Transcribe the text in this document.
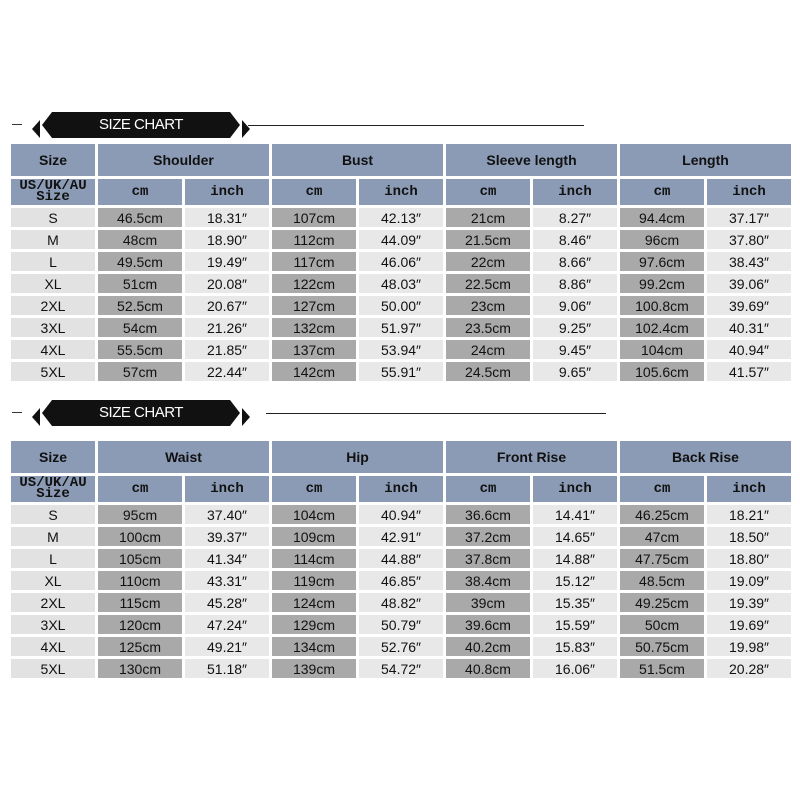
SIZE CHART
Size	Shoulder		Bust		Sleeve length		Length	
US/UK/AU Size	cm	inch	cm	inch	cm	inch	cm	inch
S	46.5cm	18.31″	107cm	42.13″	21cm	8.27″	94.4cm	37.17″
M	48cm	18.90″	112cm	44.09″	21.5cm	8.46″	96cm	37.80″
L	49.5cm	19.49″	117cm	46.06″	22cm	8.66″	97.6cm	38.43″
XL	51cm	20.08″	122cm	48.03″	22.5cm	8.86″	99.2cm	39.06″
2XL	52.5cm	20.67″	127cm	50.00″	23cm	9.06″	100.8cm	39.69″
3XL	54cm	21.26″	132cm	51.97″	23.5cm	9.25″	102.4cm	40.31″
4XL	55.5cm	21.85″	137cm	53.94″	24cm	9.45″	104cm	40.94″
5XL	57cm	22.44″	142cm	55.91″	24.5cm	9.65″	105.6cm	41.57″
SIZE CHART
Size	Waist		Hip		Front Rise		Back Rise	
US/UK/AU Size	cm	inch	cm	inch	cm	inch	cm	inch
S	95cm	37.40″	104cm	40.94″	36.6cm	14.41″	46.25cm	18.21″
M	100cm	39.37″	109cm	42.91″	37.2cm	14.65″	47cm	18.50″
L	105cm	41.34″	114cm	44.88″	37.8cm	14.88″	47.75cm	18.80″
XL	110cm	43.31″	119cm	46.85″	38.4cm	15.12″	48.5cm	19.09″
2XL	115cm	45.28″	124cm	48.82″	39cm	15.35″	49.25cm	19.39″
3XL	120cm	47.24″	129cm	50.79″	39.6cm	15.59″	50cm	19.69″
4XL	125cm	49.21″	134cm	52.76″	40.2cm	15.83″	50.75cm	19.98″
5XL	130cm	51.18″	139cm	54.72″	40.8cm	16.06″	51.5cm	20.28″
